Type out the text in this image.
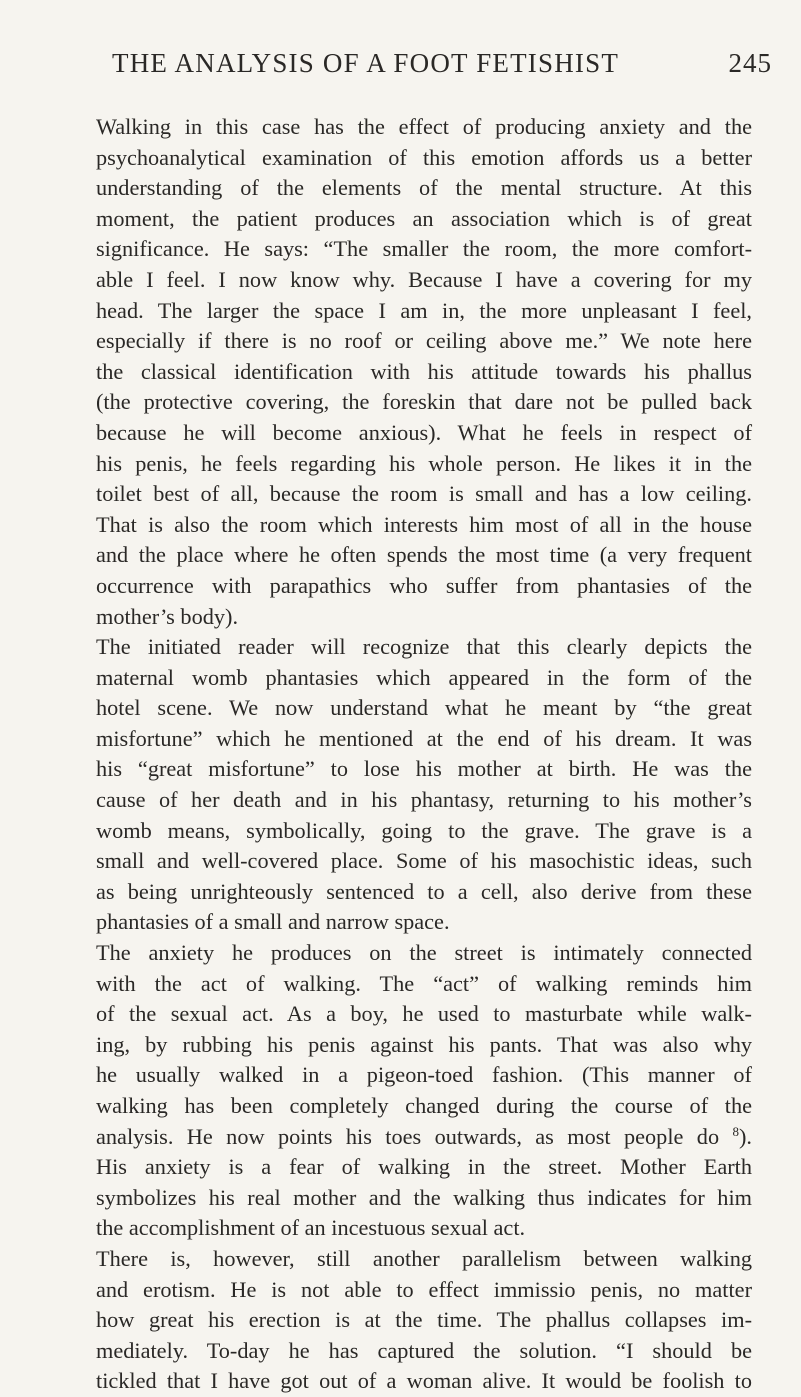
THE ANALYSIS OF A FOOT FETISHIST	245
Walking in this case has the effect of producing anxiety and the
psychoanalytical examination of this emotion affords us a better
understanding of the elements of the mental structure. At this
moment, the patient produces an association which is of great
significance. He says: “The smaller the room, the more comfort-
able I feel. I now know why. Because I have a covering for my
head. The larger the space I am in, the more unpleasant I feel,
especially if there is no roof or ceiling above me.” We note here
the classical identification with his attitude towards his phallus
(the protective covering, the foreskin that dare not be pulled back
because he will become anxious). What he feels in respect of
his penis, he feels regarding his whole person. He likes it in the
toilet best of all, because the room is small and has a low ceiling.
That is also the room which interests him most of all in the house
and the place where he often spends the most time (a very frequent
occurrence with parapathics who suffer from phantasies of the
mother’s body).
The initiated reader will recognize that this clearly depicts the
maternal womb phantasies which appeared in the form of the
hotel scene. We now understand what he meant by “the great
misfortune” which he mentioned at the end of his dream. It was
his “great misfortune” to lose his mother at birth. He was the
cause of her death and in his phantasy, returning to his mother’s
womb means, symbolically, going to the grave. The grave is a
small and well-covered place. Some of his masochistic ideas, such
as being unrighteously sentenced to a cell, also derive from these
phantasies of a small and narrow space.
The anxiety he produces on the street is intimately connected
with the act of walking. The “act” of walking reminds him
of the sexual act. As a boy, he used to masturbate while walk-
ing, by rubbing his penis against his pants. That was also why
he usually walked in a pigeon-toed fashion. (This manner of
walking has been completely changed during the course of the
analysis. He now points his toes outwards, as most people do $^8$).
His anxiety is a fear of walking in the street. Mother Earth
symbolizes his real mother and the walking thus indicates for him
the accomplishment of an incestuous sexual act.
There is, however, still another parallelism between walking
and erotism. He is not able to effect immissio penis, no matter
how great his erection is at the time. The phallus collapses im-
mediately. To-day he has captured the solution. “I should be
tickled that I have got out of a woman alive. It would be foolish to
